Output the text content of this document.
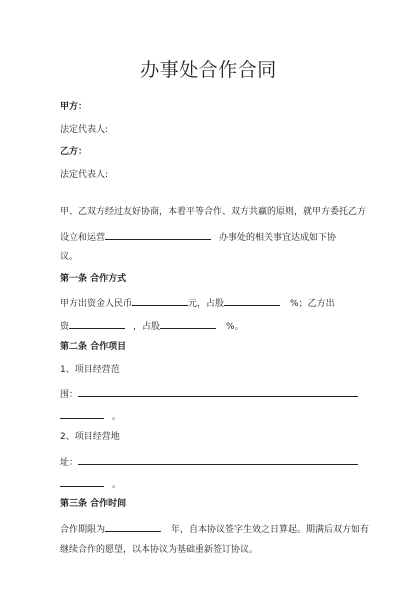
办事处合作合同
甲方：
法定代表人:
乙方：
法定代表人:
甲、乙双方经过友好协商，本着平等合作、双方共赢的原则，就甲方委托乙方
设立和运营	办事处的相关事宜达成如下协
议。
第一条 合作方式
甲方出资金人民币	元，占股	%；乙方出
资	，占股	%。
第二条 合作项目
1、项目经营范
围：
。
2、项目经营地
址：
。
第三条 合作时间
合作期限为	年，自本协议签字生效之日算起。期满后双方如有
继续合作的愿望，以本协议为基础重新签订协议。
